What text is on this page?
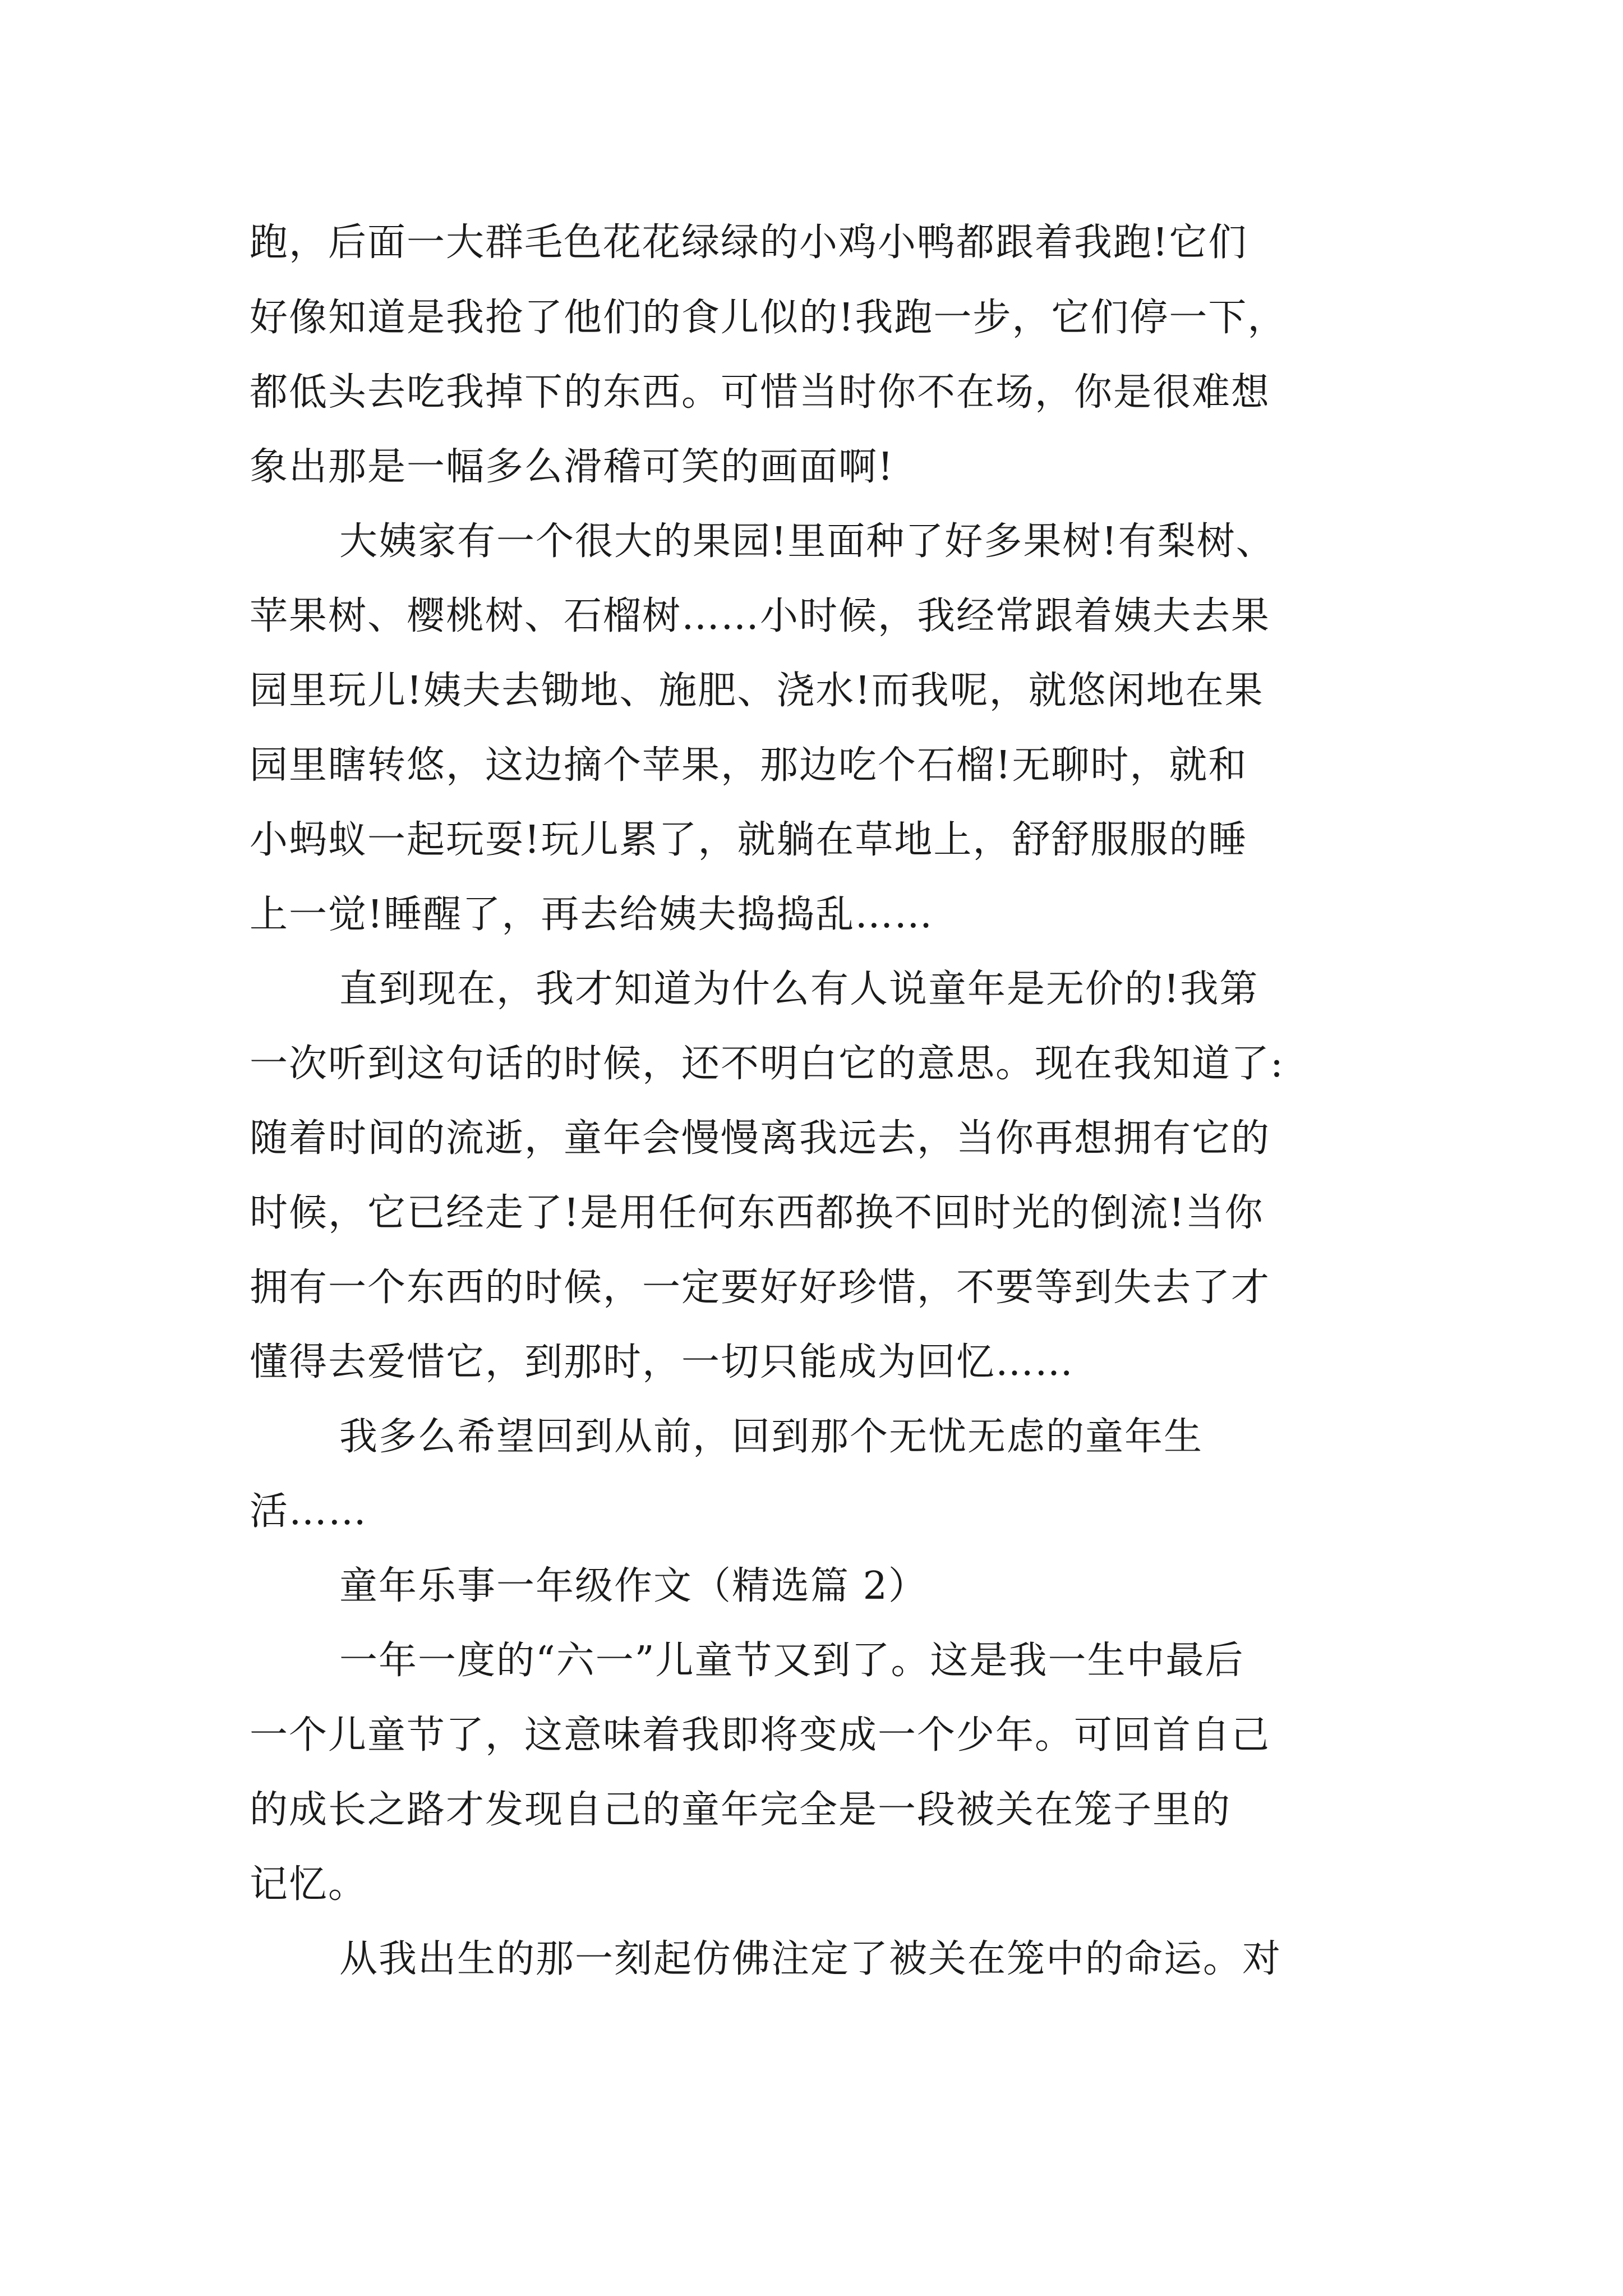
跑，后面一大群毛色花花绿绿的小鸡小鸭都跟着我跑!它们
好像知道是我抢了他们的食儿似的!我跑一步，它们停一下，
都低头去吃我掉下的东西。可惜当时你不在场，你是很难想
象出那是一幅多么滑稽可笑的画面啊!
大姨家有一个很大的果园!里面种了好多果树!有梨树、
苹果树、樱桃树、石榴树……小时候，我经常跟着姨夫去果
园里玩儿!姨夫去锄地、施肥、浇水!而我呢，就悠闲地在果
园里瞎转悠，这边摘个苹果，那边吃个石榴!无聊时，就和
小蚂蚁一起玩耍!玩儿累了，就躺在草地上，舒舒服服的睡
上一觉!睡醒了，再去给姨夫捣捣乱……
直到现在，我才知道为什么有人说童年是无价的!我第
一次听到这句话的时候，还不明白它的意思。现在我知道了:
随着时间的流逝，童年会慢慢离我远去，当你再想拥有它的
时候，它已经走了!是用任何东西都换不回时光的倒流!当你
拥有一个东西的时候，一定要好好珍惜，不要等到失去了才
懂得去爱惜它，到那时，一切只能成为回忆……
我多么希望回到从前，回到那个无忧无虑的童年生
活……
童年乐事一年级作文（精选篇 2）
一年一度的“六一”儿童节又到了。这是我一生中最后
一个儿童节了，这意味着我即将变成一个少年。可回首自己
的成长之路才发现自己的童年完全是一段被关在笼子里的
记忆。
从我出生的那一刻起仿佛注定了被关在笼中的命运。对
